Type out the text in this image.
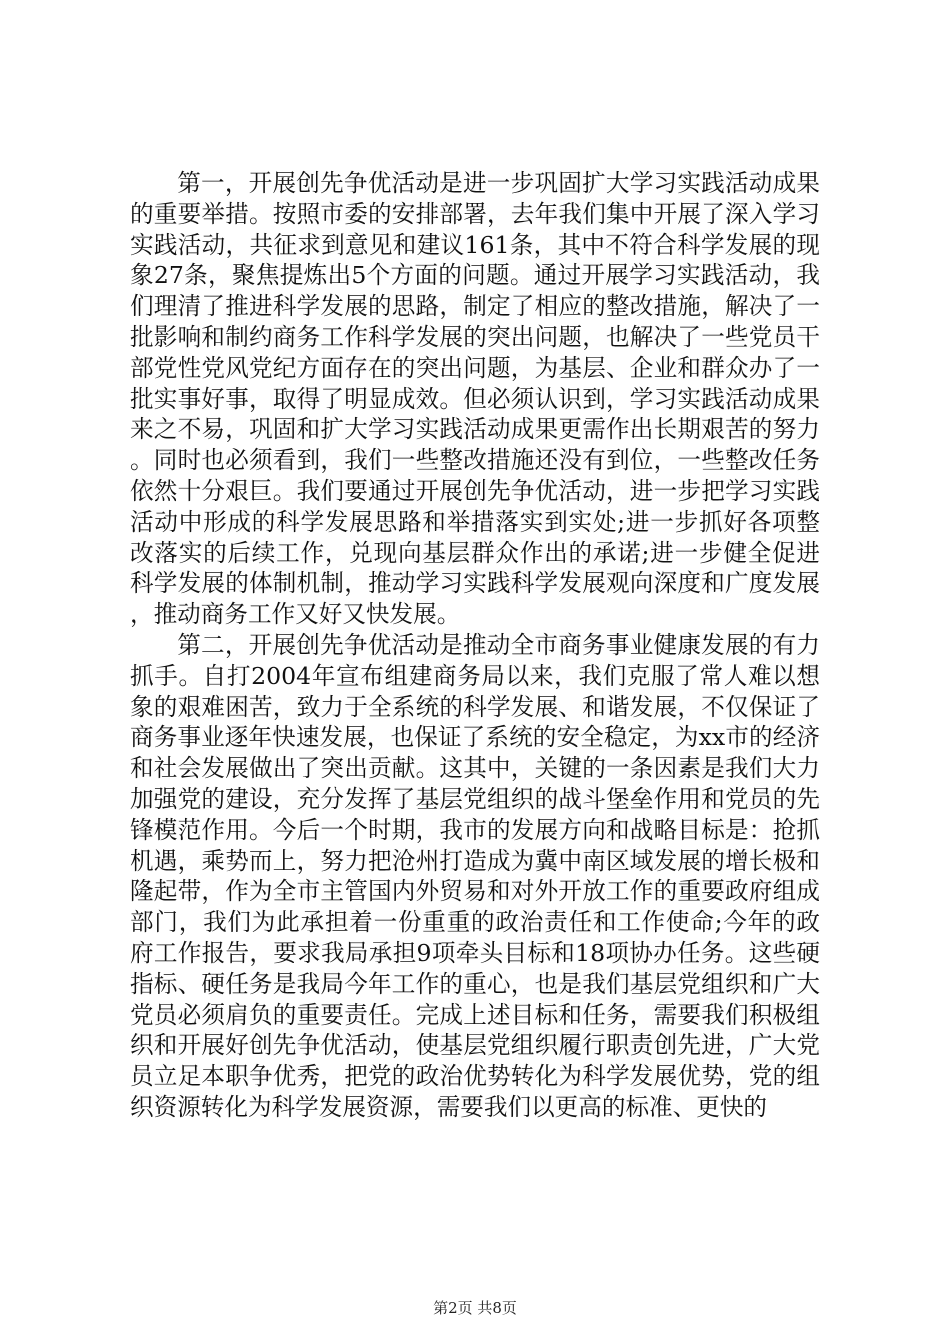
第一，开展创先争优活动是进一步巩固扩大学习实践活动成果的重要举措。按照市委的安排部署，去年我们集中开展了深入学习实践活动，共征求到意见和建议161条，其中不符合科学发展的现象27条，聚焦提炼出5个方面的问题。通过开展学习实践活动，我们理清了推进科学发展的思路，制定了相应的整改措施，解决了一批影响和制约商务工作科学发展的突出问题，也解决了一些党员干部党性党风党纪方面存在的突出问题，为基层、企业和群众办了一批实事好事，取得了明显成效。但必须认识到，学习实践活动成果来之不易，巩固和扩大学习实践活动成果更需作出长期艰苦的努力。同时也必须看到，我们一些整改措施还没有到位，一些整改任务依然十分艰巨。我们要通过开展创先争优活动，进一步把学习实践活动中形成的科学发展思路和举措落实到实处;进一步抓好各项整改落实的后续工作，兑现向基层群众作出的承诺;进一步健全促进科学发展的体制机制，推动学习实践科学发展观向深度和广度发展，推动商务工作又好又快发展。

第二，开展创先争优活动是推动全市商务事业健康发展的有力抓手。自打2004年宣布组建商务局以来，我们克服了常人难以想象的艰难困苦，致力于全系统的科学发展、和谐发展，不仅保证了商务事业逐年快速发展，也保证了系统的安全稳定，为xx市的经济和社会发展做出了突出贡献。这其中，关键的一条因素是我们大力加强党的建设，充分发挥了基层党组织的战斗堡垒作用和党员的先锋模范作用。今后一个时期，我市的发展方向和战略目标是：抢抓机遇，乘势而上，努力把沧州打造成为冀中南区域发展的增长极和隆起带，作为全市主管国内外贸易和对外开放工作的重要政府组成部门，我们为此承担着一份重重的政治责任和工作使命;今年的政府工作报告，要求我局承担9项牵头目标和18项协办任务。这些硬指标、硬任务是我局今年工作的重心，也是我们基层党组织和广大党员必须肩负的重要责任。完成上述目标和任务，需要我们积极组织和开展好创先争优活动，使基层党组织履行职责创先进，广大党员立足本职争优秀，把党的政治优势转化为科学发展优势，党的组织资源转化为科学发展资源，需要我们以更高的标准、更快的

第2页 共8页
